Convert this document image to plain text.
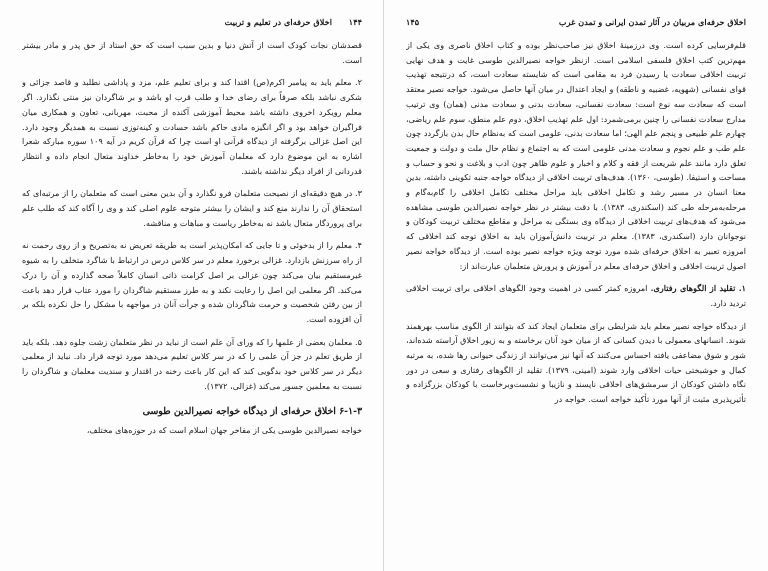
۱۴۴
اخلاق حرفه‌ای در تعلیم و تربیت

قصدشان نجات کودک است از آتش دنیا و بدین سبب است که حق استاد از حق پدر و مادر بیشتر است.

۲. معلم باید به پیامبر اکرم(ص) اقتدا کند و برای تعلیم علم، مزد و پاداشی نطلبد و قاصد جزائی و شکری نباشد بلکه صرفاً برای رضای خدا و طلب قرب او باشد و بر شاگردان نیز منتی نگذارد. اگر معلم رویکرد اخروی داشته باشد محیط آموزشی آکنده از محبت، مهربانی، تعاون و همکاری میان فراگیران خواهد بود و اگر انگیزه مادی حاکم باشد حسادت و کینه‌توزی نسبت به همدیگر وجود دارد. این اصل غزالی برگرفته از دیدگاه قرآنی او است چرا که قرآن کریم در آیه ۱۰۹ سوره مبارکه شعرا اشاره به این موضوع دارد که معلمان آموزش خود را به‌خاطر خداوند متعال انجام داده و انتظار قدردانی از افراد دیگر نداشته باشند.

۳. در هیچ دقیقه‌ای از نصیحت متعلمان فرو نگذارد و آن بدین معنی است که متعلمان را از مرتبه‌ای که استحقاق آن را ندارند منع کند و ایشان را بیشتر متوجه علوم اصلی کند و وی را آگاه کند که طلب علم برای پروردگار متعال باشد نه به‌خاطر ریاست و مباهات و مناقشه.

۴. معلم را از بدخوئی و تا جایی که امکان‌پذیر است به طریقه تعریض نه به‌تصریح و از روی رحمت نه از راه سرزنش بازدارد. غزالی برخورد معلم در سر کلاس درس در ارتباط با شاگرد متخلف را به شیوه غیرمستقیم بیان می‌کند چون غزالی بر اصل کرامت ذاتی انسان کاملاً صحه گذارده و آن را درک می‌کند. اگر معلمی این اصل را رعایت نکند و به طرز مستقیم شاگردان را مورد عتاب قرار دهد باعث از بین رفتن شخصیت و حرمت شاگردان شده و جرأت آنان در مواجهه با مشکل را حل نکرده بلکه بر آن افزوده است.

۵. معلمان بعضی از علمها را که ورای آن علم است از نباید در نظر متعلمان زشت جلوه دهد. بلکه باید از طریق تعلم در جز آن علمی را که در سر کلاس تعلیم می‌دهد مورد توجه قرار داد. نباید از معلمی دیگر در سر کلاس خود بدگویی کند که این کار باعث رخنه در اقتدار و سندیت معلمان و شاگردان را نسبت به معلمین جسور می‌کند (غزالی، ۱۳۷۲).

۶-۱-۳ اخلاق حرفه‌ای از دیدگاه خواجه نصیرالدین طوسی

خواجه نصیرالدین طوسی یکی از مفاخر جهان اسلام است که در حوزه‌های مختلف،

اخلاق حرفه‌ای مربیان در آثار تمدن ایرانی و تمدن غرب
۱۴۵

قلم‌فرسایی کرده است. وی درزمینهٔ اخلاق نیز صاحب‌نظر بوده و کتاب اخلاق ناصری وی یکی از مهم‌ترین کتب اخلاق فلسفی اسلامی است. ازنظر خواجه نصیرالدین طوسی غایت و هدف نهایی تربیت اخلاقی سعادت یا رسیدن فرد به مقامی است که شایسته سعادت است، که درنتیجه تهذیب قوای نفسانی (شهویه، غضبیه و ناطقه) و ایجاد اعتدال در میان آنها حاصل می‌شود. خواجه نصیر معتقد است که سعادت سه نوع است: سعادت نفسانی، سعادت بدنی و سعادت مدنی (همان) وی ترتیب مدارج سعادت نفسانی را چنین برمی‌شمرد: اول علم تهذیب اخلاق، دوم علم منطق، سوم علم ریاضی، چهارم علم طبیعی و پنجم علم الهی؛ اما سعادت بدنی، علومی است که به‌نظام حال بدن بازگردد چون علم طب و علم نجوم و سعادت مدنی علومی است که به اجتماع و نظام حال ملت و دولت و جمعیت تعلق دارد مانند علم شریعت از فقه و کلام و اخبار و علوم ظاهر چون ادب و بلاغت و نحو و حساب و مساحت و استیفا. (طوسی، ۱۳۶۰). هدف‌های تربیت اخلاقی از دیدگاه خواجه جنبه تکوینی داشته، بدین معنا انسان در مسیر رشد و تکامل اخلاقی باید مراحل مختلف تکامل اخلاقی را گام‌به‌گام و مرحله‌به‌مرحله طی کند (اسکندری، ۱۳۸۳). با دقت بیشتر در نظر خواجه نصیرالدین طوسی مشاهده می‌شود که هدف‌های تربیت اخلاقی از دیدگاه وی بستگی به مراحل و مقاطع مختلف تربیت کودکان و نوجوانان دارد (اسکندری، ۱۳۸۳). معلم در تربیت دانش‌آموزان باید به اخلاق توجه کند اخلاقی که امروزه تعبیر به اخلاق حرفه‌ای شده مورد توجه ویژه خواجه نصیر بوده است. از دیدگاه خواجه نصیر اصول تربیت اخلاقی و اخلاق حرفه‌ای معلم در آموزش و پرورش متعلمان عبارت‌اند از:

۱. تقلید از الگوهای رفتاری. امروزه کمتر کسی در اهمیت وجود الگوهای اخلاقی برای تربیت اخلاقی تردید دارد.

از دیدگاه خواجه نصیر معلم باید شرایطی برای متعلمان ایجاد کند که بتوانند از الگوی مناسب بهرهمند شوند. انسانهای معمولی با دیدن کسانی که از میان خود آنان برخاسته و به زیور اخلاق آراسته شده‌اند، شور و شوق مضاعفی یافته احساس می‌کنند که آنها نیز می‌توانند از زندگی حیوانی رها شده، به مرتبه کمال و خوشبختی حیات اخلاقی وارد شوند (امینی، ۱۳۷۹). تقلید از الگوهای رفتاری و سعی در دور نگاه داشتن کودکان از سرمشق‌های اخلاقی ناپسند و نازیبا و نشست‌وبرخاست با کودکان بزرگزاده و تأثیرپذیری مثبت از آنها مورد تأکید خواجه است. خواجه در
